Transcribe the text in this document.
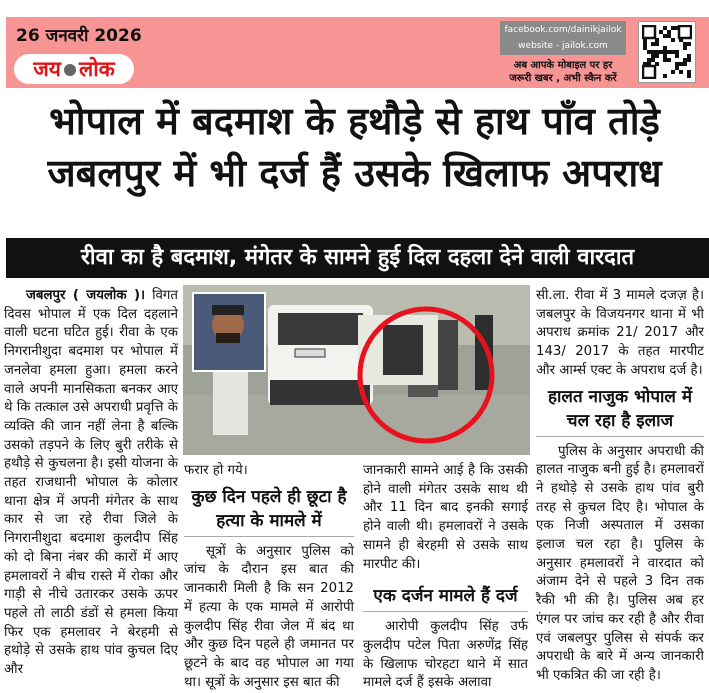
26 जनवरी 2026
जय लोक
facebook.com/dainikjailok
website - jailok.com
अब आपके मोबाइल पर हर
जरूरी खबर , अभी स्कैन करें
भोपाल में बदमाश के हथौड़े से हाथ पाँव तोड़े
जबलपुर में भी दर्ज हैं उसके खिलाफ अपराध
रीवा का है बदमाश, मंगेतर के सामने हुई दिल दहला देने वाली वारदात
जबलपुर ( जयलोक )। विगत दिवस भोपाल में एक दिल दहलाने वाली घटना घटित हुई। रीवा के एक निगरानीशुदा बदमाश पर भोपाल में जनलेवा हमला हुआ। हमला करने वाले अपनी मानसिकता बनकर आए थे कि तत्काल उसे अपराधी प्रवृत्ति के व्यक्ति की जान नहीं लेना है बल्कि उसको तड़पने के लिए बुरी तरीके से हथौड़े से कुचलना है। इसी योजना के तहत राजधानी भोपाल के कोलार थाना क्षेत्र में अपनी मंगेतर के साथ कार से जा रहे रीवा जिले के निगरानीशुदा बदमाश कुलदीप सिंह को दो बिना नंबर की कारों में आए हमलावरों ने बीच रास्ते में रोका और गाड़ी से नीचे उतारकर उसके ऊपर पहले तो लाठी डंडों से हमला किया फिर एक हमलावर ने बेरहमी से हथोड़े से उसके हाथ पांव कुचल दिए और
फरार हो गये।
कुछ दिन पहले ही छूटा है हत्या के मामले में
सूत्रों के अनुसार पुलिस को जांच के दौरान इस बात की जानकारी मिली है कि सन 2012 में हत्या के एक मामले में आरोपी कुलदीप सिंह रीवा जेल में बंद था और कुछ दिन पहले ही जमानत पर छूटने के बाद वह भोपाल आ गया था। सूत्रों के अनुसार इस बात की
जानकारी सामने आई है कि उसकी होने वाली मंगेतर उसके साथ थी और 11 दिन बाद इनकी सगाई होने वाली थी। हमलावरों ने उसके सामने ही बेरहमी से उसके साथ मारपीट की।
एक दर्जन मामले हैं दर्ज
आरोपी कुलदीप सिंह उर्फ कुलदीप पटेल पिता अरुणेंद्र सिंह के खिलाफ चोरहटा थाने में सात मामले दर्ज हैं इसके अलावा
सी.ला. रीवा में 3 मामले दजज़ है। जबलपुर के विजयनगर थाना में भी अपराध क्रमांक 21/ 2017 और 143/ 2017 के तहत मारपीट और आर्म्स एक्ट के अपराध दर्ज है।
हालत नाजुक भोपाल में चल रहा है इलाज
पुलिस के अनुसार अपराधी की हालत नाजुक बनी हुई है। हमलावरों ने हथोड़े से उसके हाथ पांव बुरी तरह से कुचल दिए है। भोपाल के एक निजी अस्पताल में उसका इलाज चल रहा है। पुलिस के अनुसार हमलावरों ने वारदात को अंजाम देने से पहले 3 दिन तक रैकी भी की है। पुलिस अब हर एंगल पर जांच कर रही है और रीवा एवं जबलपुर पुलिस से संपर्क कर अपराधी के बारे में अन्य जानकारी भी एकत्रित की जा रही है।
